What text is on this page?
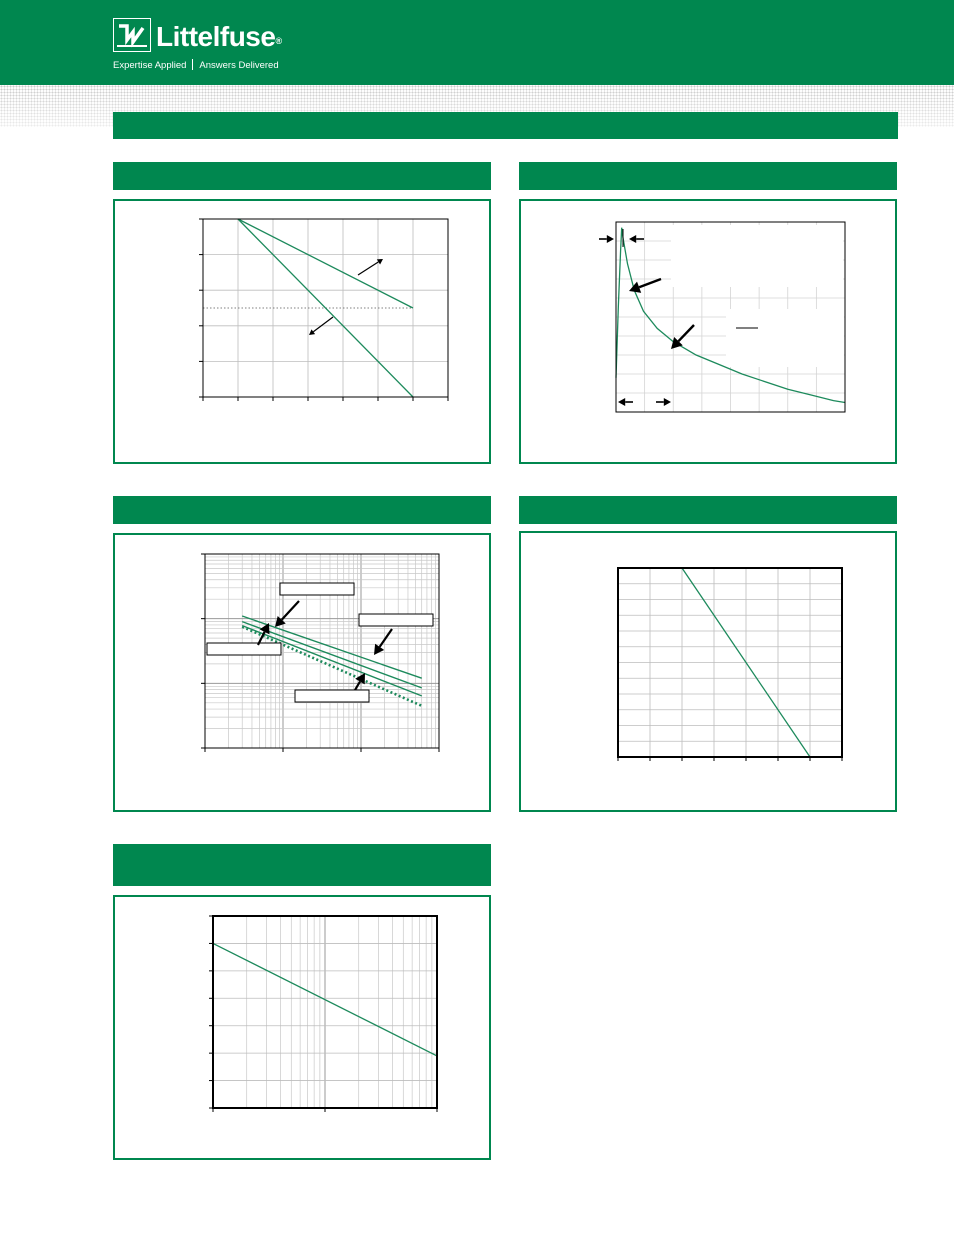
Littelfuse®
Expertise Applied Answers Delivered
